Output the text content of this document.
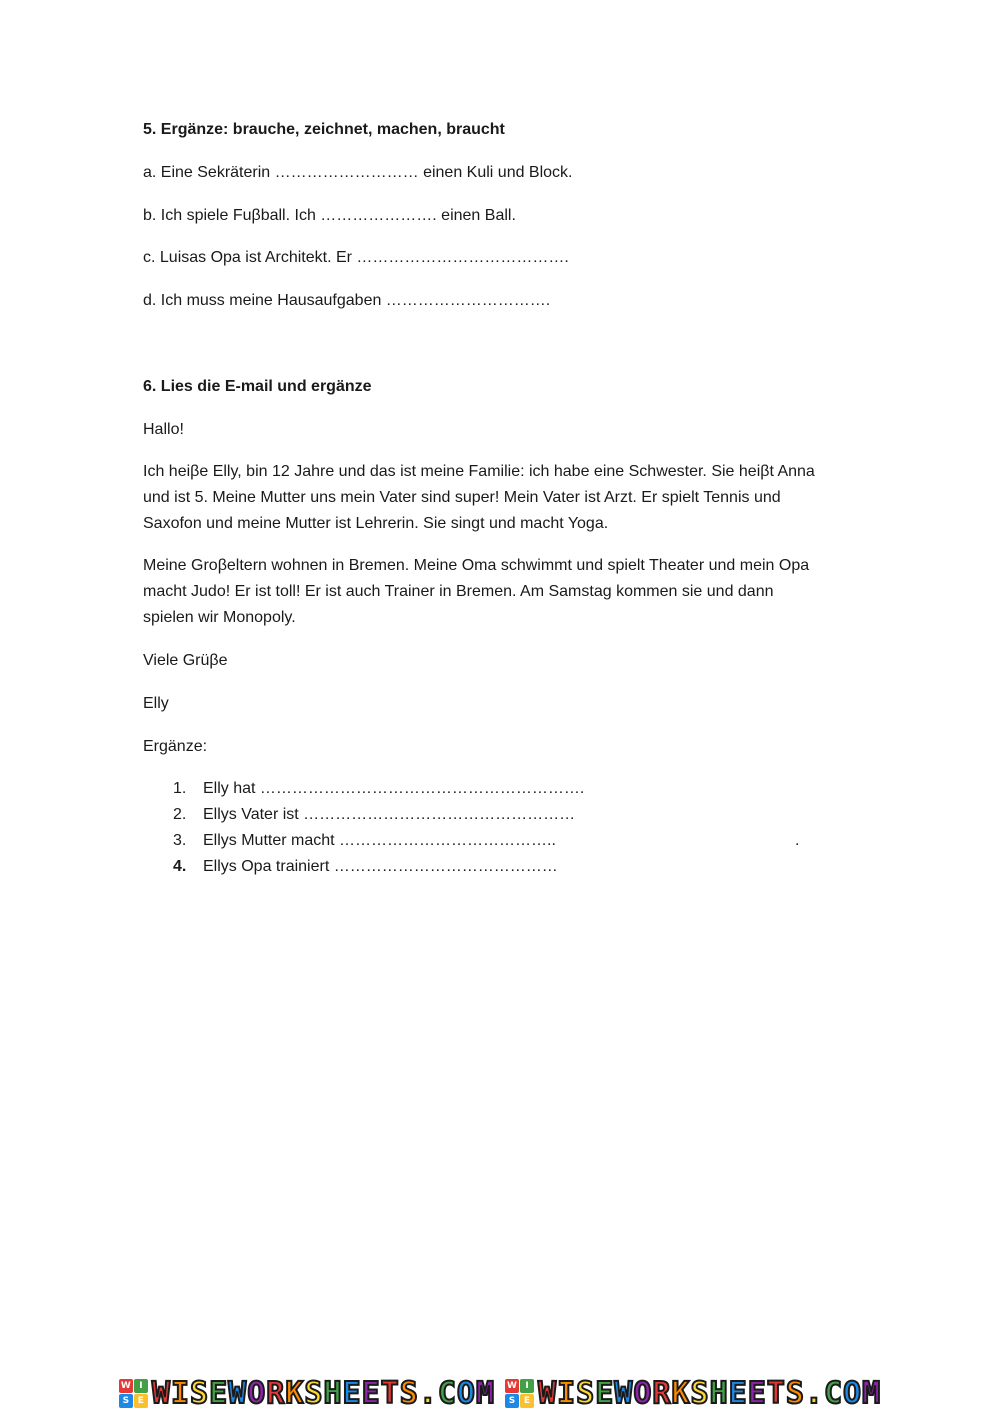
5. Ergänze: brauche, zeichnet, machen, braucht
a. Eine Sekräterin ……………………… einen Kuli und Block.
b. Ich spiele Fuβball. Ich …………………. einen Ball.
c. Luisas Opa ist Architekt. Er ………………………………….
d. Ich muss meine Hausaufgaben ………………………….
6. Lies die E-mail und ergänze
Hallo!
Ich heiβe Elly, bin 12 Jahre und das ist meine Familie: ich habe eine Schwester. Sie heiβt Anna
und ist 5. Meine Mutter uns mein Vater sind super! Mein Vater ist Arzt. Er spielt Tennis und
Saxofon und meine Mutter ist Lehrerin. Sie singt und macht Yoga.
Meine Groβeltern wohnen in Bremen. Meine Oma schwimmt und spielt Theater und mein Opa
macht Judo! Er ist toll! Er ist auch Trainer in Bremen. Am Samstag kommen sie und dann
spielen wir Monopoly.
Viele Grüβe
Elly
Ergänze:
1. Elly hat …………………………………………………….
2. Ellys Vater ist ……………………………………………
3. Ellys Mutter macht …………………………………..
4. Ellys Opa trainiert ……………………………………
.
W I
S E W I S E W O R K S H E E T S . C O M W I
S E W I S E W O R K S H E E T S . C O M
